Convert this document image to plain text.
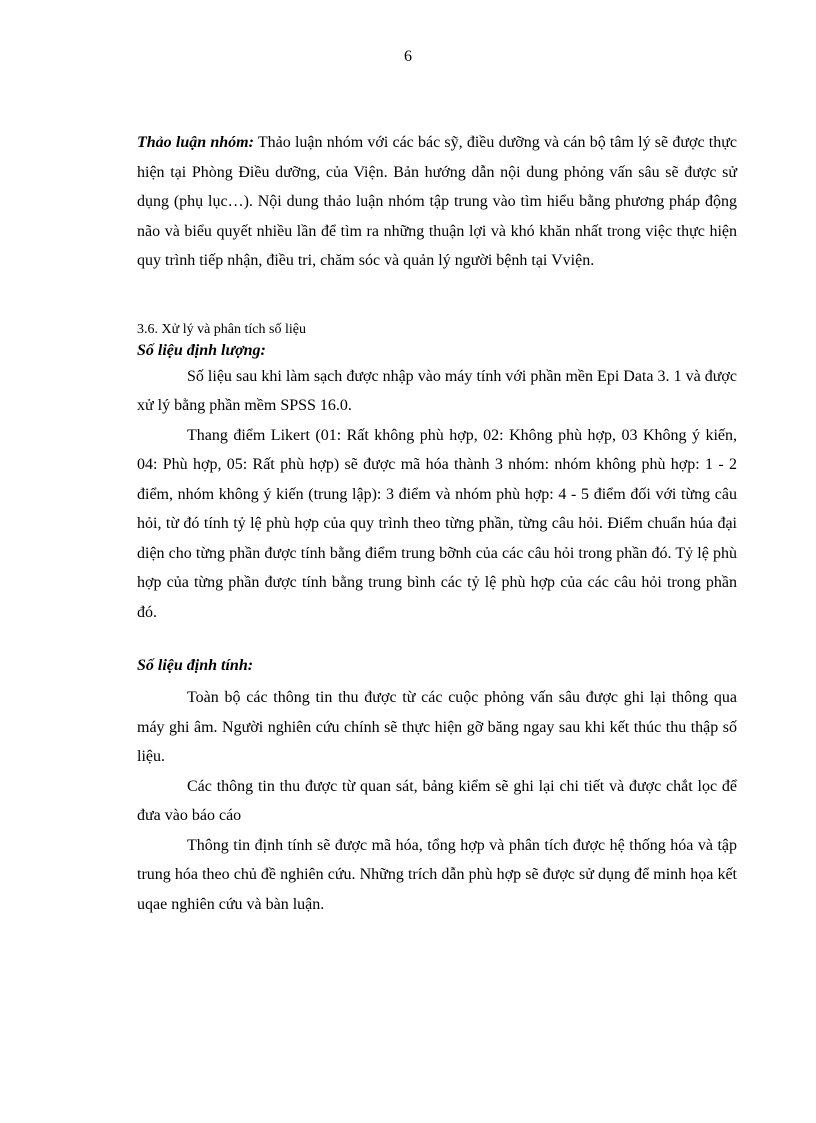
6

Thảo luận nhóm: Thảo luận nhóm với các bác sỹ, điều dưỡng và cán bộ tâm lý sẽ được thực hiện tại Phòng Điều dưỡng, của Viện. Bản hướng dẫn nội dung phỏng vấn sâu sẽ được sử dụng (phụ lục…). Nội dung thảo luận nhóm tập trung vào tìm hiểu bằng phương pháp động não và biểu quyết nhiều lần để tìm ra những thuận lợi và khó khăn nhất trong việc thực hiện quy trình tiếp nhận, điều tri, chăm sóc và quản lý người bệnh tại Vviện.

3.6. Xử lý và phân tích số liệu

Số liệu định lượng:

Số liệu sau khi làm sạch được nhập vào máy tính với phần mền Epi Data 3. 1 và được xử lý bằng phần mềm SPSS 16.0.

Thang điểm Likert (01: Rất không phù hợp, 02: Không phù hợp, 03 Không ý kiến, 04: Phù hợp, 05: Rất phù hợp) sẽ được mã hóa thành 3 nhóm: nhóm không phù hợp: 1 - 2 điểm, nhóm không ý kiến (trung lập): 3 điểm và nhóm phù hợp: 4 - 5 điểm đối với từng câu hỏi, từ đó tính tỷ lệ phù hợp của quy trình theo từng phần, từng câu hỏi. Điểm chuẩn húa đại diện cho từng phần được tính bằng điểm trung bỡnh của các câu hỏi trong phần đó. Tỷ lệ phù hợp của từng phần được tính bằng trung bình các tỷ lệ phù hợp của các câu hỏi trong phần đó.

Số liệu định tính:

Toàn bộ các thông tin thu được từ các cuộc phỏng vấn sâu được ghi lại thông qua máy ghi âm. Người nghiên cứu chính sẽ thực hiện gỡ băng ngay sau khi kết thúc thu thập số liệu.

Các thông tin thu được từ quan sát, bảng kiểm sẽ ghi lại chi tiết và được chắt lọc để đưa vào báo cáo

Thông tin định tính sẽ được mã hóa, tổng hợp và phân tích được hệ thống hóa và tập trung hóa theo chủ đề nghiên cứu. Những trích dẫn phù hợp sẽ được sử dụng để minh họa kết uqae nghiên cứu và bàn luận.
